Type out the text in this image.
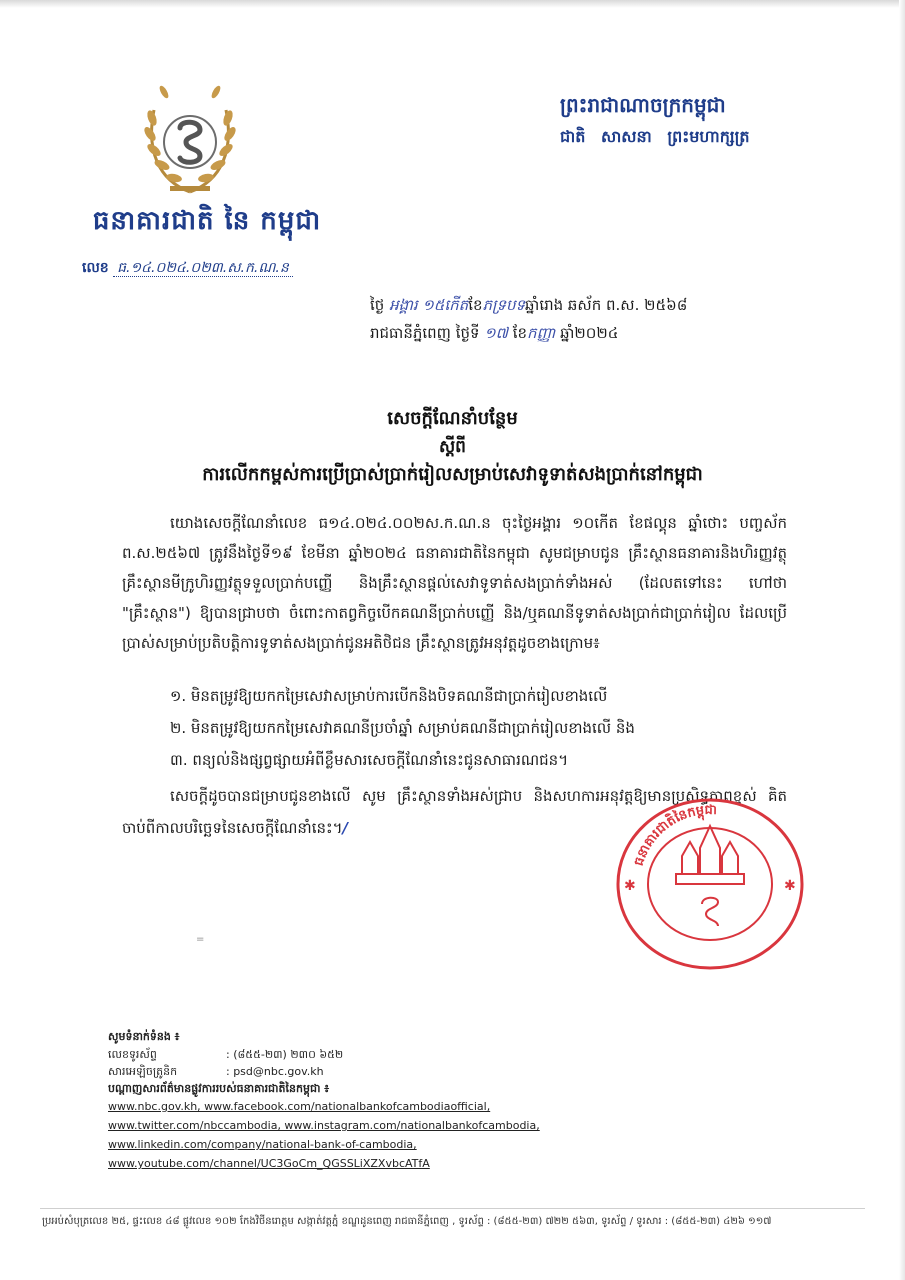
ធនាគារជាតិ នៃ កម្ពុជា
លេខ ធ.១៤.០២៤.០២៣.ស.ក.ណ.ន
ព្រះរាជាណាចក្រកម្ពុជា
ជាតិ សាសនា ព្រះមហាក្សត្រ
ថ្ងៃ អង្គារ ១៥កើតខែភទ្របទឆ្នាំរោង ឆស័ក ព.ស. ២៥៦៨
រាជធានីភ្នំពេញ ថ្ងៃទី ១៧ ខែកញ្ញា ឆ្នាំ២០២៤
សេចក្តីណែនាំបន្ថែម
ស្តីពី
ការលើកកម្ពស់ការប្រើប្រាស់ប្រាក់រៀលសម្រាប់សេវាទូទាត់សងប្រាក់នៅកម្ពុជា

យោងសេចក្តីណែនាំលេខ ធ១៤.០២៤.០០២ស.ក.ណ.ន ចុះថ្ងៃអង្គារ ១០កើត ខែផល្គុន ឆ្នាំថោះ បញ្ចស័ក ព.ស.២៥៦៧ ត្រូវនឹងថ្ងៃទី១៩ ខែមីនា ឆ្នាំ២០២៤ ធនាគារជាតិនៃកម្ពុជា សូមជម្រាបជូន គ្រឹះស្ថានធនាគារនិងហិរញ្ញវត្ថុ គ្រឹះស្ថានមីក្រូហិរញ្ញវត្ថុទទួលប្រាក់បញ្ញើ និងគ្រឹះស្ថានផ្តល់សេវាទូទាត់សងប្រាក់ទាំងអស់ (ដែលតទៅនេះ ហៅថា "គ្រឹះស្ថាន") ឱ្យបានជ្រាបថា ចំពោះកាតព្វកិច្ចបើកគណនីប្រាក់បញ្ញើ និង/ឬគណនីទូទាត់សងប្រាក់ជាប្រាក់រៀល ដែលប្រើប្រាស់សម្រាប់ប្រតិបត្តិការទូទាត់សងប្រាក់ជូនអតិថិជន គ្រឹះស្ថានត្រូវអនុវត្តដូចខាងក្រោម៖

១. មិនតម្រូវឱ្យយកកម្រៃសេវាសម្រាប់ការបើកនិងបិទគណនីជាប្រាក់រៀលខាងលើ
២. មិនតម្រូវឱ្យយកកម្រៃសេវាគណនីប្រចាំឆ្នាំ សម្រាប់គណនីជាប្រាក់រៀលខាងលើ និង
៣. ពន្យល់និងផ្សព្វផ្សាយអំពីខ្លឹមសារសេចក្តីណែនាំនេះជូនសាធារណជន។
សេចក្តីដូចបានជម្រាបជូនខាងលើ សូម គ្រឹះស្ថានទាំងអស់ជ្រាប និងសហការអនុវត្តឱ្យមានប្រសិទ្ធភាពខ្ពស់ គិតចាប់ពីកាលបរិច្ឆេទនៃសេចក្តីណែនាំនេះ។/
ធនាគារជាតិនៃកម្ពុជា
✱	✱
=
សូមទំនាក់ទំនង ៖
លេខទូរស័ព្ទ	: (៨៥៥-២៣) ២៣០ ៦៥២
សារអេឡិចត្រូនិក	: psd@nbc.gov.kh
បណ្តាញសារព័ត៌មានផ្លូវការរបស់ធនាគារជាតិនៃកម្ពុជា ៖
www.nbc.gov.kh, www.facebook.com/nationalbankofcambodiaofficial,
www.twitter.com/nbccambodia, www.instagram.com/nationalbankofcambodia,
www.linkedin.com/company/national-bank-of-cambodia,
www.youtube.com/channel/UC3GoCm_QGSSLiXZXvbcATfA
ប្រអប់សំបុត្រលេខ ២៥, ផ្ទះលេខ ៤៨ ផ្លូវលេខ ១០២ កែងវិថីនរោត្តម សង្កាត់វត្តភ្នំ ខណ្ឌដូនពេញ រាជធានីភ្នំពេញ , ទូរស័ព្ទ : (៨៥៥-២៣) ៧២២ ៥៦៣, ទូរស័ព្ទ / ទូរសារ : (៨៥៥-២៣) ៤២៦ ១១៧
